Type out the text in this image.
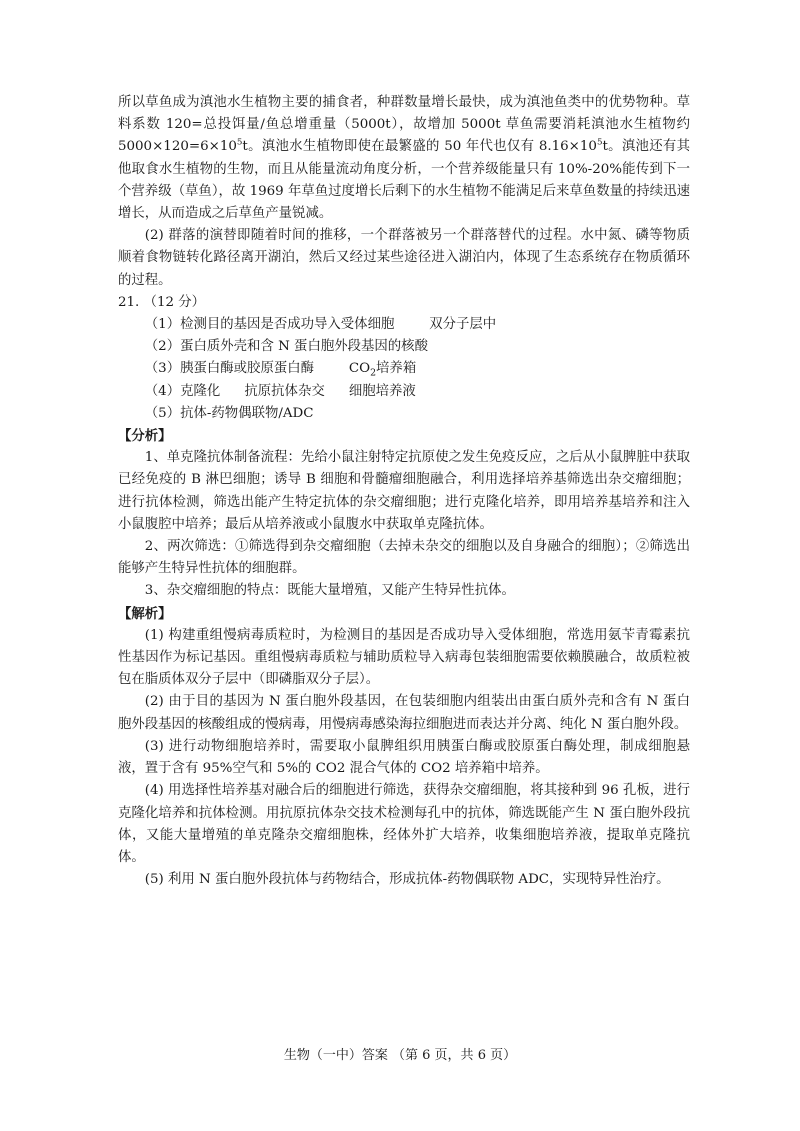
所以草鱼成为滇池水生植物主要的捕食者，种群数量增长最快，成为滇池鱼类中的优势物种。草料系数 120=总投饵量/鱼总增重量（5000t），故增加 5000t 草鱼需要消耗滇池水生植物约 $5000\times 120=6\times 10^5t$。滇池水生植物即使在最繁盛的 50 年代也仅有 $8.16\times 10^5t$。滇池还有其他取食水生植物的生物，而且从能量流动角度分析，一个营养级能量只有 10%-20%能传到下一个营养级（草鱼），故 1969 年草鱼过度增长后剩下的水生植物不能满足后来草鱼数量的持续迅速增长，从而造成之后草鱼产量锐减。

(2) 群落的演替即随着时间的推移，一个群落被另一个群落替代的过程。水中氮、磷等物质顺着食物链转化路径离开湖泊，然后又经过某些途径进入湖泊内，体现了生态系统存在物质循环的过程。

21. （12 分）

（1）检测目的基因是否成功导入受体细胞	双分子层中

（2）蛋白质外壳和含 N 蛋白胞外段基因的核酸

（3）胰蛋白酶或胶原蛋白酶	$CO_2$培养箱

（4）克隆化 抗原抗体杂交 细胞培养液

（5）抗体-药物偶联物/ADC

【分析】

1、单克隆抗体制备流程：先给小鼠注射特定抗原使之发生免疫反应，之后从小鼠脾脏中获取已经免疫的 B 淋巴细胞；诱导 B 细胞和骨髓瘤细胞融合，利用选择培养基筛选出杂交瘤细胞；进行抗体检测，筛选出能产生特定抗体的杂交瘤细胞；进行克隆化培养，即用培养基培养和注入小鼠腹腔中培养；最后从培养液或小鼠腹水中获取单克隆抗体。

2、两次筛选：①筛选得到杂交瘤细胞（去掉未杂交的细胞以及自身融合的细胞）；②筛选出能够产生特异性抗体的细胞群。

3、杂交瘤细胞的特点：既能大量增殖，又能产生特异性抗体。

【解析】

(1) 构建重组慢病毒质粒时，为检测目的基因是否成功导入受体细胞，常选用氨苄青霉素抗性基因作为标记基因。重组慢病毒质粒与辅助质粒导入病毒包装细胞需要依赖膜融合，故质粒被包在脂质体双分子层中（即磷脂双分子层）。

(2) 由于目的基因为 N 蛋白胞外段基因，在包装细胞内组装出由蛋白质外壳和含有 N 蛋白胞外段基因的核酸组成的慢病毒，用慢病毒感染海拉细胞进而表达并分离、纯化 N 蛋白胞外段。

(3) 进行动物细胞培养时，需要取小鼠脾组织用胰蛋白酶或胶原蛋白酶处理，制成细胞悬液，置于含有 95%空气和 5%的 CO2 混合气体的 CO2 培养箱中培养。

(4) 用选择性培养基对融合后的细胞进行筛选，获得杂交瘤细胞，将其接种到 96 孔板，进行克隆化培养和抗体检测。用抗原抗体杂交技术检测每孔中的抗体，筛选既能产生 N 蛋白胞外段抗体，又能大量增殖的单克隆杂交瘤细胞株，经体外扩大培养，收集细胞培养液，提取单克隆抗体。

(5) 利用 N 蛋白胞外段抗体与药物结合，形成抗体-药物偶联物 ADC，实现特异性治疗。

生物（一中）答案 （第 6 页，共 6 页）
